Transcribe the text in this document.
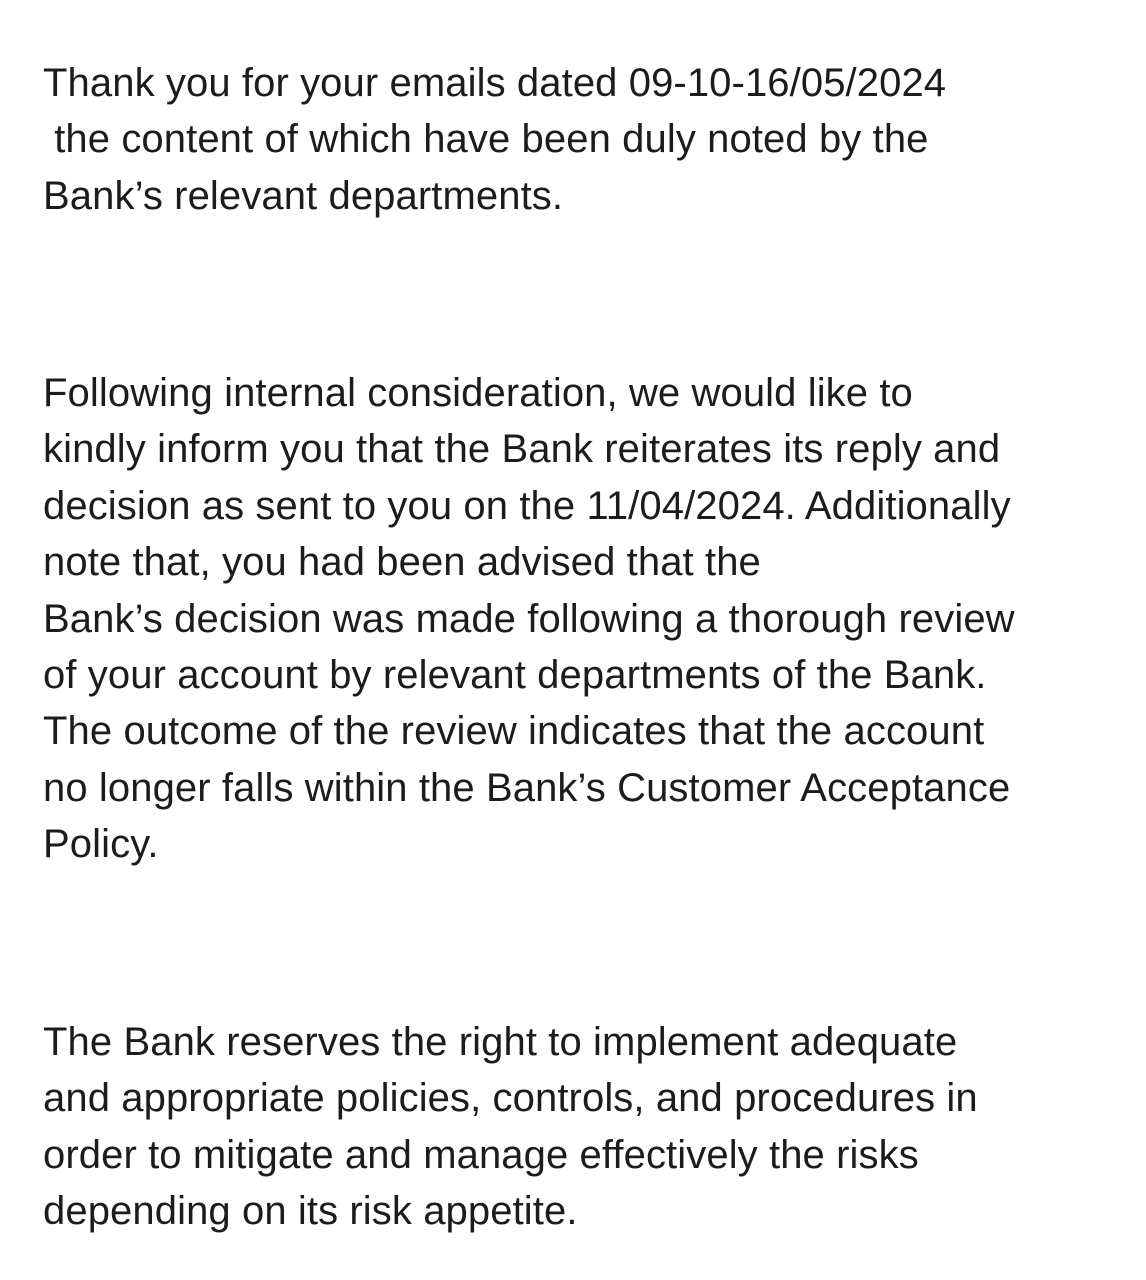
Thank you for your emails dated 09-10-16/05/2024
the content of which have been duly noted by the
Bank’s relevant departments.

Following internal consideration, we would like to
kindly inform you that the Bank reiterates its reply and
decision as sent to you on the 11/04/2024. Additionally
note that, you had been advised that the
Bank’s decision was made following a thorough review
of your account by relevant departments of the Bank.
The outcome of the review indicates that the account
no longer falls within the Bank’s Customer Acceptance
Policy.

The Bank reserves the right to implement adequate
and appropriate policies, controls, and procedures in
order to mitigate and manage effectively the risks
depending on its risk appetite.
